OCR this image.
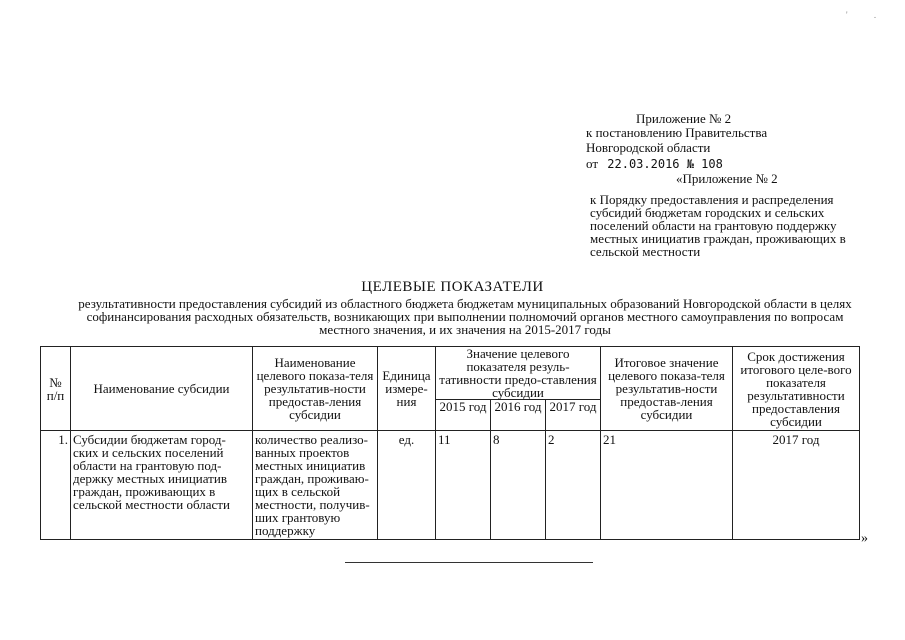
' .
Приложение № 2
к постановлению Правительства
Новгородской области
от 22.03.2016 № 108
«Приложение № 2
к Порядку предоставления и распределения субсидий бюджетам городских и сельских поселений области на грантовую поддержку местных инициатив граждан, проживающих в сельской местности
ЦЕЛЕВЫЕ ПОКАЗАТЕЛИ
результативности предоставления субсидий из областного бюджета бюджетам муниципальных образований Новгородской области в целях софинансирования расходных обязательств, возникающих при выполнении полномочий органов местного самоуправления по вопросам местного значения, и их значения на 2015-2017 годы
№ п/п	Наименование субсидии	Наименование целевого показа-теля результатив-ности предостав-ления субсидии	Единица измере-ния	Значение целевого показателя резуль-тативности предо-ставления субсидии			Итоговое значение целевого показа-теля результатив-ности предостав-ления субсидии	Срок достижения итогового целе-вого показателя результативности предоставления субсидии
				2015 год	2016 год	2017 год		
1.	Субсидии бюджетам город-ских и сельских поселений области на грантовую под-держку местных инициатив граждан, проживающих в сельской местности области	количество реализо-ванных проектов местных инициатив граждан, проживаю-щих в сельской местности, получив-ших грантовую поддержку	ед.	11	8	2	21	2017 год
»
